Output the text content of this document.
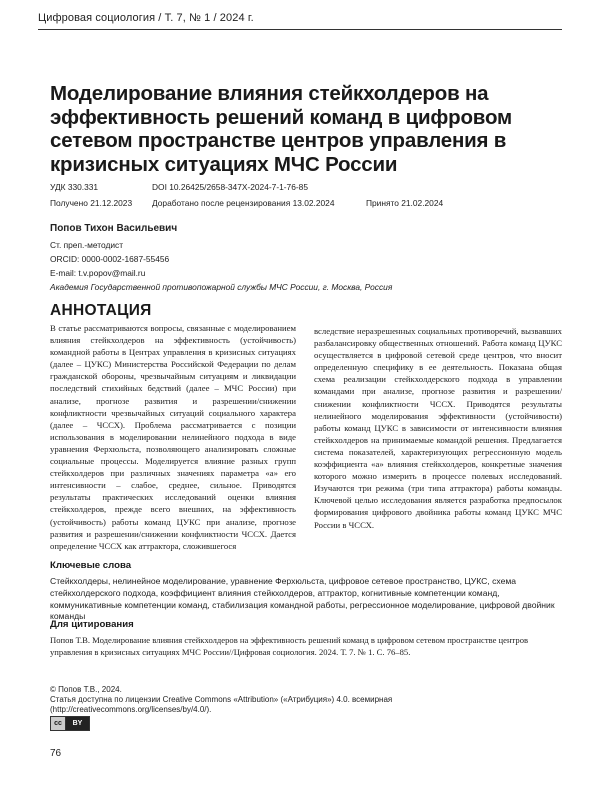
Цифровая социология / Т. 7, № 1 / 2024 г.
Моделирование влияния стейкхолдеров на эффективность решений команд в цифровом сетевом пространстве центров управления в кризисных ситуациях МЧС России
УДК 330.331	DOI 10.26425/2658-347X-2024-7-1-76-85
Получено 21.12.2023 Доработано после рецензирования 13.02.2024	Принято 21.02.2024
Попов Тихон Васильевич
Ст. преп.-методист
ORCID: 0000-0002-1687-55456
E-mail: t.v.popov@mail.ru
Академия Государственной противопожарной службы МЧС России, г. Москва, Россия
АННОТАЦИЯ
В статье рассматриваются вопросы, связанные с моделированием влияния стейкхолдеров на эффективность (устойчивость) командной работы в Центрах управления в кризисных ситуациях (далее – ЦУКС) Министерства Российской Федерации по делам гражданской обороны, чрезвычайным ситуациям и ликвидации последствий стихийных бедствий (далее – МЧС России) при анализе, прогнозе развития и разрешении/снижении конфликтности чрезвычайных ситуаций социального характера (далее – ЧССХ). Проблема рассматривается с позиции использования в моделировании нелинейного подхода в виде уравнения Ферхюльста, позволяющего анализировать сложные социальные процессы. Моделируется влияние разных групп стейкхолдеров при различных значениях параметра «а» его интенсивности – слабое, среднее, сильное. Приводятся результаты практических исследований оценки влияния стейкхолдеров, прежде всего внешних, на эффективность (устойчивость) работы команд ЦУКС при анализе, прогнозе развития и разрешении/снижении конфликтности ЧССХ. Дается определение ЧССХ как аттрактора, сложившегося
вследствие неразрешенных социальных противоречий, вызвавших разбалансировку общественных отношений. Работа команд ЦУКС осуществляется в цифровой сетевой среде центров, что вносит определенную специфику в ее деятельность. Показана общая схема реализации стейкхолдерского подхода в управлении командами при анализе, прогнозе развития и разрешении/снижении конфликтности ЧССХ. Приводятся результаты нелинейного моделирования эффективности (устойчивости) работы команд ЦУКС в зависимости от интенсивности влияния стейкхолдеров на принимаемые командой решения. Предлагается система показателей, характеризующих регрессионную модель коэффициента «а» влияния стейкхолдеров, конкретные значения которого можно измерить в процессе полевых исследований. Изучаются три режима (три типа аттрактора) работы команды. Ключевой целью исследования является разработка предпосылок формирования цифрового двойника работы команд ЦУКС МЧС России в ЧССХ.
Ключевые слова
Стейкхолдеры, нелинейное моделирование, уравнение Ферхюльста, цифровое сетевое пространство, ЦУКС, схема стейкхолдерского подхода, коэффициент влияния стейкхолдеров, аттрактор, когнитивные компетенции команд, коммуникативные компетенции команд, стабилизация командной работы, регрессионное моделирование, цифровой двойник команды
Для цитирования
Попов Т.В. Моделирование влияния стейкхолдеров на эффективность решений команд в цифровом сетевом пространстве центров управления в кризисных ситуациях МЧС России//Цифровая социология. 2024. Т. 7. № 1. С. 76–85.
© Попов Т.В., 2024.
Статья доступна по лицензии Creative Commons «Attribution» («Атрибуция») 4.0. всемирная
(http://creativecommons.org/licenses/by/4.0/).
cc	BY
76
